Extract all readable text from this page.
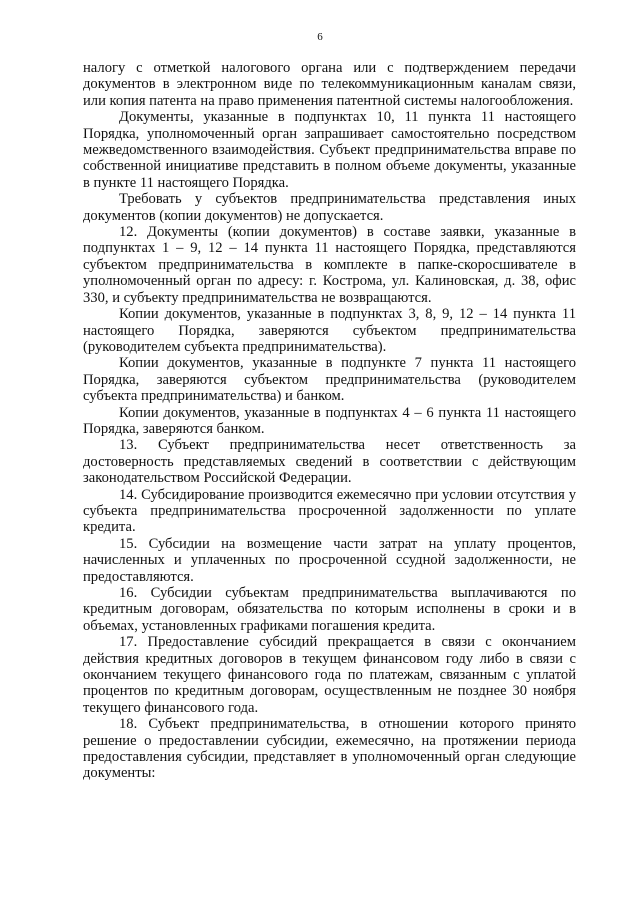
6

налогу с отметкой налогового органа или с подтверждением передачи документов в электронном виде по телекоммуникационным каналам связи, или копия патента на право применения патентной системы налогообложения.

Документы, указанные в подпунктах 10, 11 пункта 11 настоящего Порядка, уполномоченный орган запрашивает самостоятельно посредством межведомственного взаимодействия. Субъект предпринимательства вправе по собственной инициативе представить в полном объеме документы, указанные в пункте 11 настоящего Порядка.

Требовать у субъектов предпринимательства представления иных документов (копии документов) не допускается.

12. Документы (копии документов) в составе заявки, указанные в подпунктах 1 – 9, 12 – 14 пункта 11 настоящего Порядка, представляются субъектом предпринимательства в комплекте в папке-скоросшивателе в уполномоченный орган по адресу: г. Кострома, ул. Калиновская, д. 38, офис 330, и субъекту предпринимательства не возвращаются.

Копии документов, указанные в подпунктах 3, 8, 9, 12 – 14 пункта 11 настоящего Порядка, заверяются субъектом предпринимательства (руководителем субъекта предпринимательства).

Копии документов, указанные в подпункте 7 пункта 11 настоящего Порядка, заверяются субъектом предпринимательства (руководителем субъекта предпринимательства) и банком.

Копии документов, указанные в подпунктах 4 – 6 пункта 11 настоящего Порядка, заверяются банком.

13. Субъект предпринимательства несет ответственность за достоверность представляемых сведений в соответствии с действующим законодательством Российской Федерации.

14. Субсидирование производится ежемесячно при условии отсутствия у субъекта предпринимательства просроченной задолженности по уплате кредита.

15. Субсидии на возмещение части затрат на уплату процентов, начисленных и уплаченных по просроченной ссудной задолженности, не предоставляются.

16. Субсидии субъектам предпринимательства выплачиваются по кредитным договорам, обязательства по которым исполнены в сроки и в объемах, установленных графиками погашения кредита.

17. Предоставление субсидий прекращается в связи с окончанием действия кредитных договоров в текущем финансовом году либо в связи с окончанием текущего финансового года по платежам, связанным с уплатой процентов по кредитным договорам, осуществленным не позднее 30 ноября текущего финансового года.

18. Субъект предпринимательства, в отношении которого принято решение о предоставлении субсидии, ежемесячно, на протяжении периода предоставления субсидии, представляет в уполномоченный орган следующие документы:
